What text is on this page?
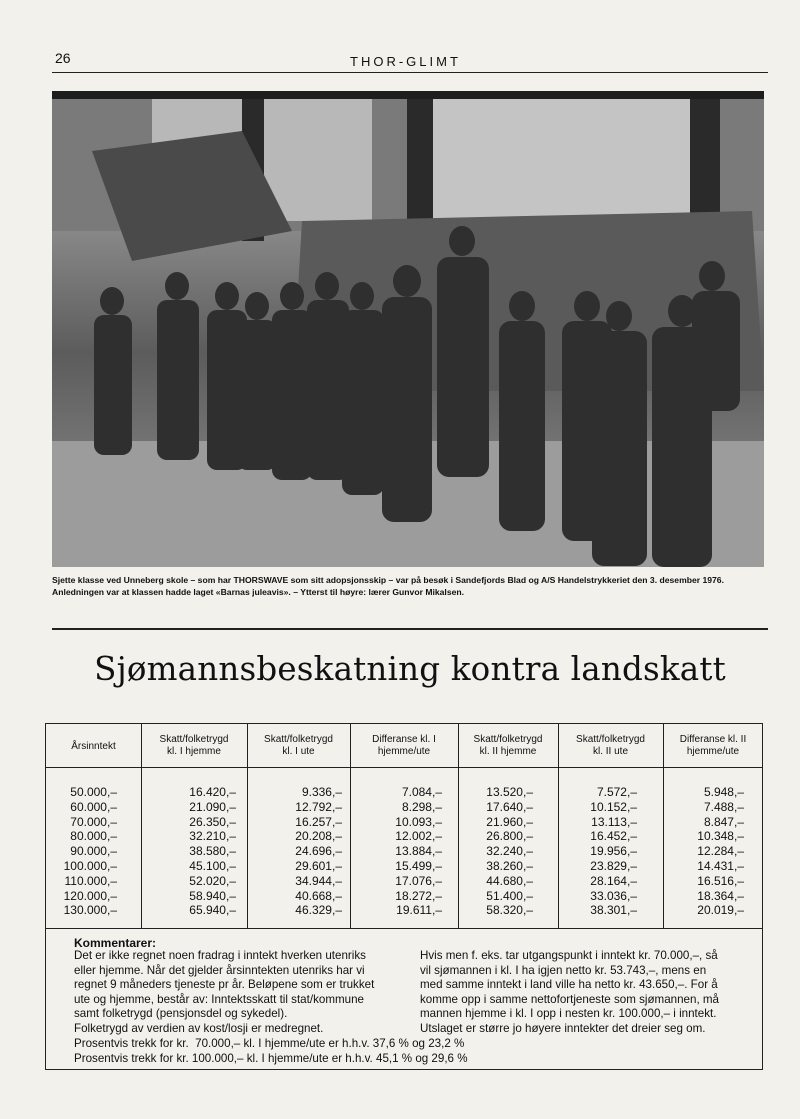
26	THOR-GLIMT
Sjette klasse ved Unneberg skole – som har THORSWAVE som sitt adopsjonsskip – var på besøk i Sandefjords Blad og A/S Handelstrykkeriet den 3. desember 1976. Anledningen var at klassen hadde laget «Barnas juleavis». – Ytterst til høyre: lærer Gunvor Mikalsen.
Sjømannsbeskatning kontra landskatt
Årsinntekt
50.000,–
60.000,–
70.000,–
80.000,–
90.000,–
100.000,–
110.000,–
120.000,–
130.000,–
Skatt/folketrygd kl. I hjemme
16.420,–
21.090,–
26.350,–
32.210,–
38.580,–
45.100,–
52.020,–
58.940,–
65.940,–
Skatt/folketrygd kl. I ute
9.336,–
12.792,–
16.257,–
20.208,–
24.696,–
29.601,–
34.944,–
40.668,–
46.329,–
Differanse kl. I hjemme/ute
7.084,–
8.298,–
10.093,–
12.002,–
13.884,–
15.499,–
17.076,–
18.272,–
19.611,–
Skatt/folketrygd kl. II hjemme
13.520,–
17.640,–
21.960,–
26.800,–
32.240,–
38.260,–
44.680,–
51.400,–
58.320,–
Skatt/folketrygd kl. II ute
7.572,–
10.152,–
13.113,–
16.452,–
19.956,–
23.829,–
28.164,–
33.036,–
38.301,–
Differanse kl. II hjemme/ute
5.948,–
7.488,–
8.847,–
10.348,–
12.284,–
14.431,–
16.516,–
18.364,–
20.019,–
Kommentarer:
Det er ikke regnet noen fradrag i inntekt hverken utenriks
eller hjemme. Når det gjelder årsinntekten utenriks har vi
regnet 9 måneders tjeneste pr år. Beløpene som er trukket
ute og hjemme, består av: Inntektsskatt til stat/kommune
samt folketrygd (pensjonsdel og sykedel).
Folketrygd av verdien av kost/losji er medregnet.
Hvis men f. eks. tar utgangspunkt i inntekt kr. 70.000,–, så
vil sjømannen i kl. I ha igjen netto kr. 53.743,–, mens en
med samme inntekt i land ville ha netto kr. 43.650,–. For å
komme opp i samme nettofortjeneste som sjømannen, må
mannen hjemme i kl. I opp i nesten kr. 100.000,– i inntekt.
Utslaget er større jo høyere inntekter det dreier seg om.
Prosentvis trekk for kr.  70.000,– kl. I hjemme/ute er h.h.v. 37,6 % og 23,2 %
Prosentvis trekk for kr. 100.000,– kl. I hjemme/ute er h.h.v. 45,1 % og 29,6 %
